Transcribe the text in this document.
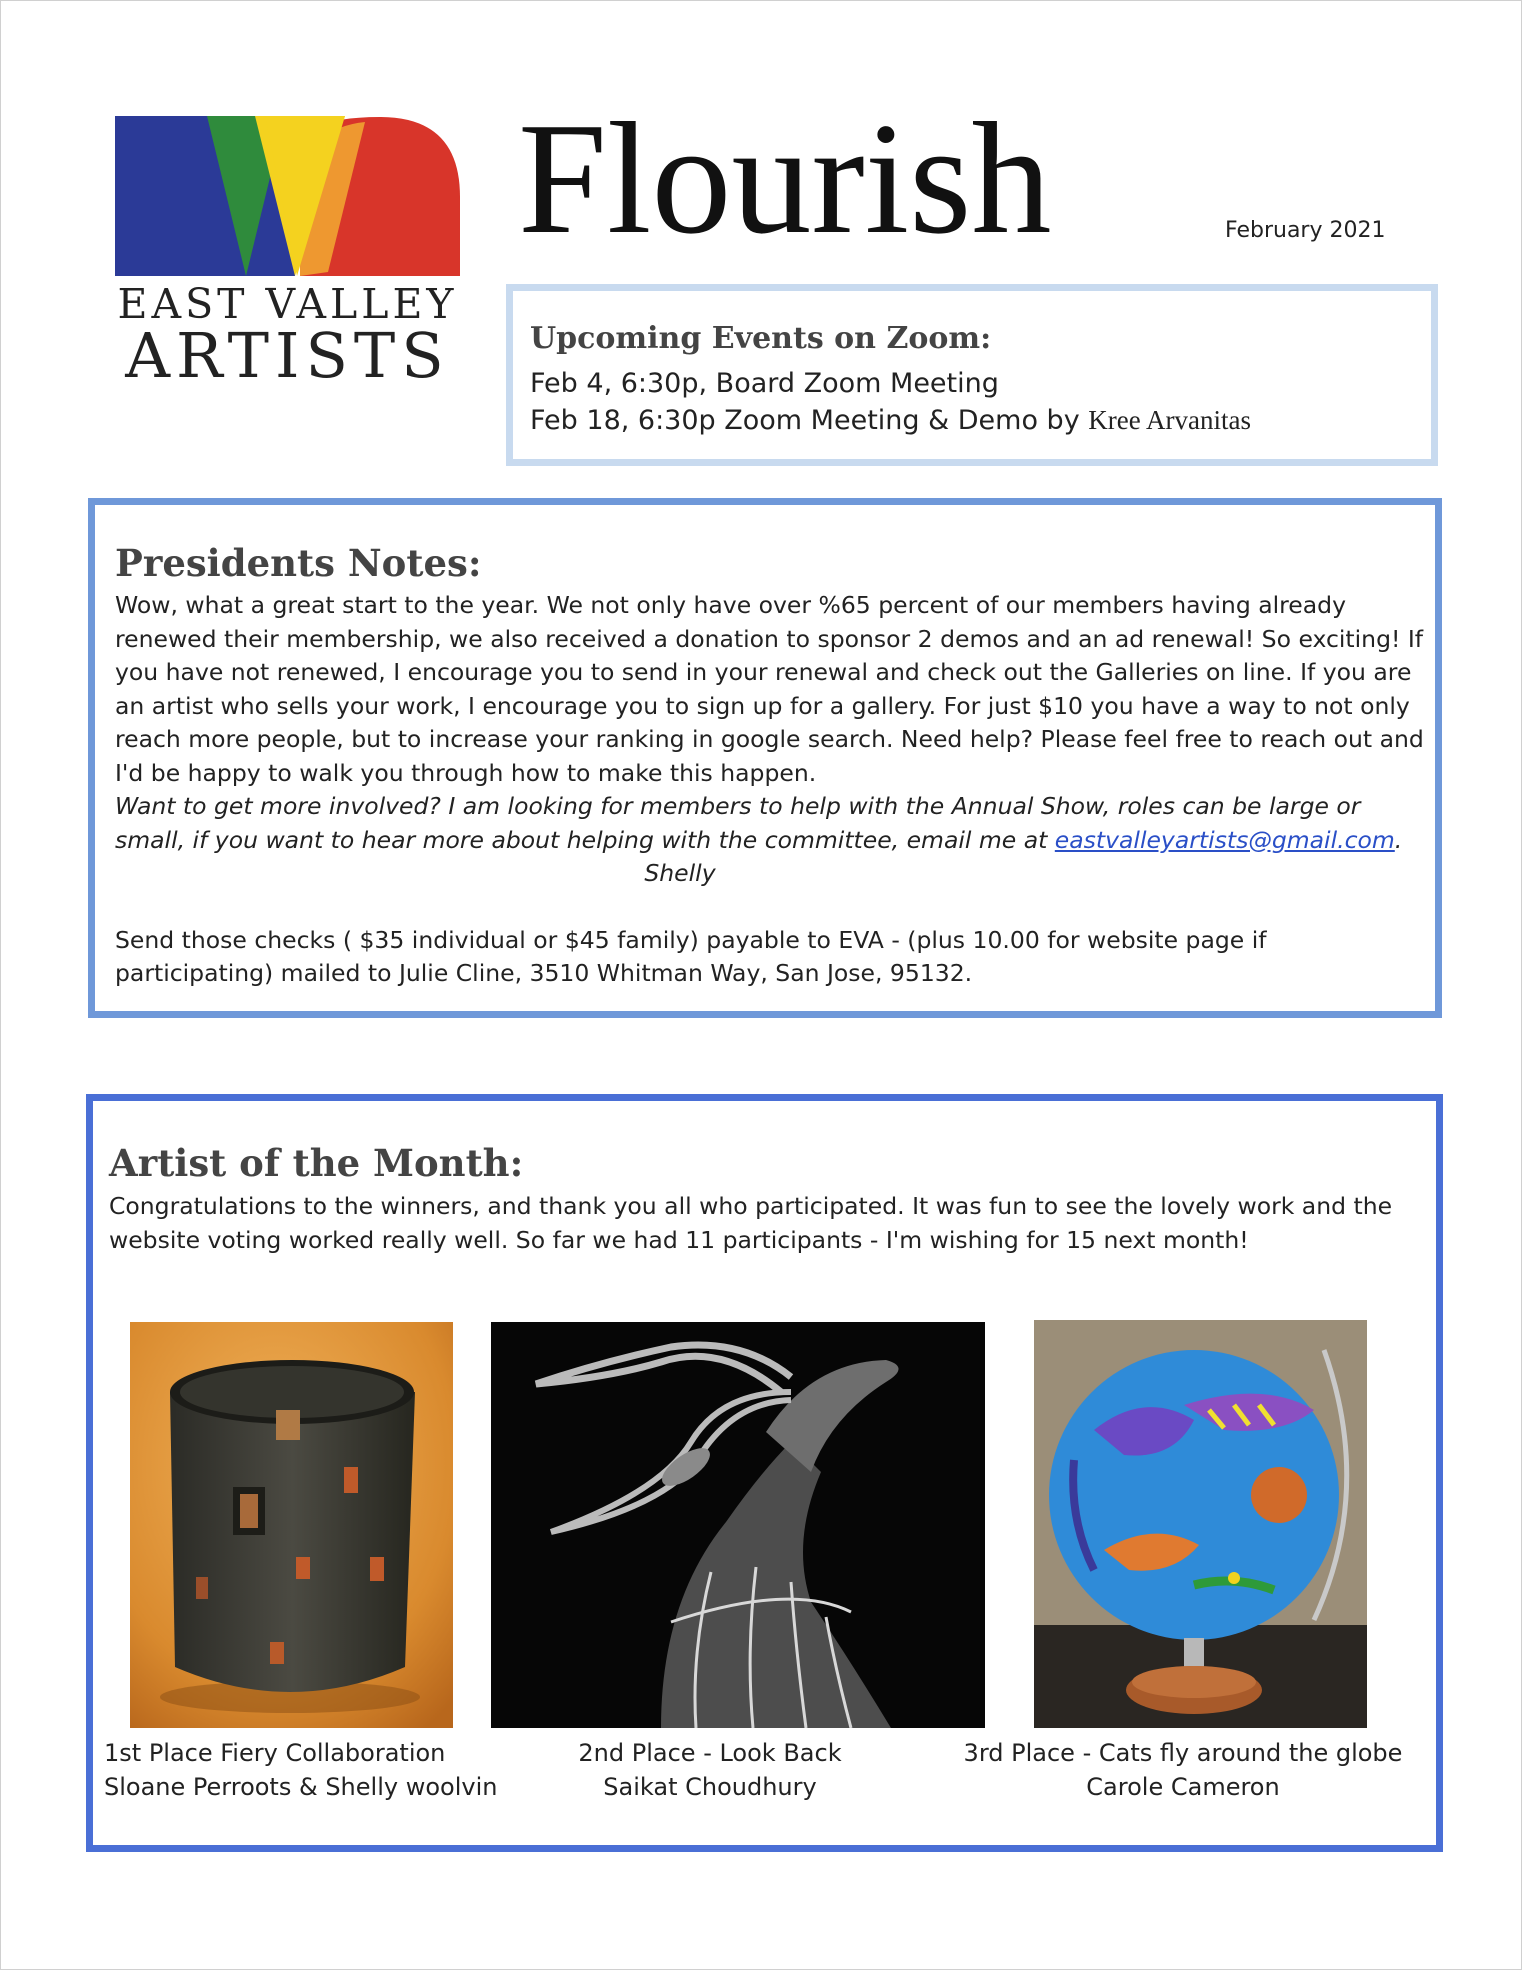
EAST VALLEY
ARTISTS
Flourish	February 2021
Upcoming Events on Zoom:
Feb 4, 6:30p, Board Zoom Meeting
Feb 18, 6:30p Zoom Meeting & Demo by Kree Arvanitas
Presidents Notes:

Wow, what a great start to the year. We not only have over %65 percent of our members having already renewed their membership, we also received a donation to sponsor 2 demos and an ad renewal! So exciting! If you have not renewed, I encourage you to send in your renewal and check out the Galleries on line. If you are an artist who sells your work, I encourage you to sign up for a gallery. For just $10 you have a way to not only reach more people, but to increase your ranking in google search. Need help? Please feel free to reach out and I'd be happy to walk you through how to make this happen.

Want to get more involved? I am looking for members to help with the Annual Show, roles can be large or small, if you want to hear more about helping with the committee, email me at eastvalleyartists@gmail.com.

Shelly

Send those checks ( $35 individual or $45 family) payable to EVA - (plus 10.00 for website page if participating) mailed to Julie Cline, 3510 Whitman Way, San Jose, 95132.

Artist of the Month:

Congratulations to the winners, and thank you all who participated. It was fun to see the lovely work and the website voting worked really well. So far we had 11 participants - I'm wishing for 15 next month!

1st Place Fiery Collaboration
Sloane Perroots & Shelly woolvin
2nd Place - Look Back
Saikat Choudhury
3rd Place - Cats fly around the globe
Carole Cameron
